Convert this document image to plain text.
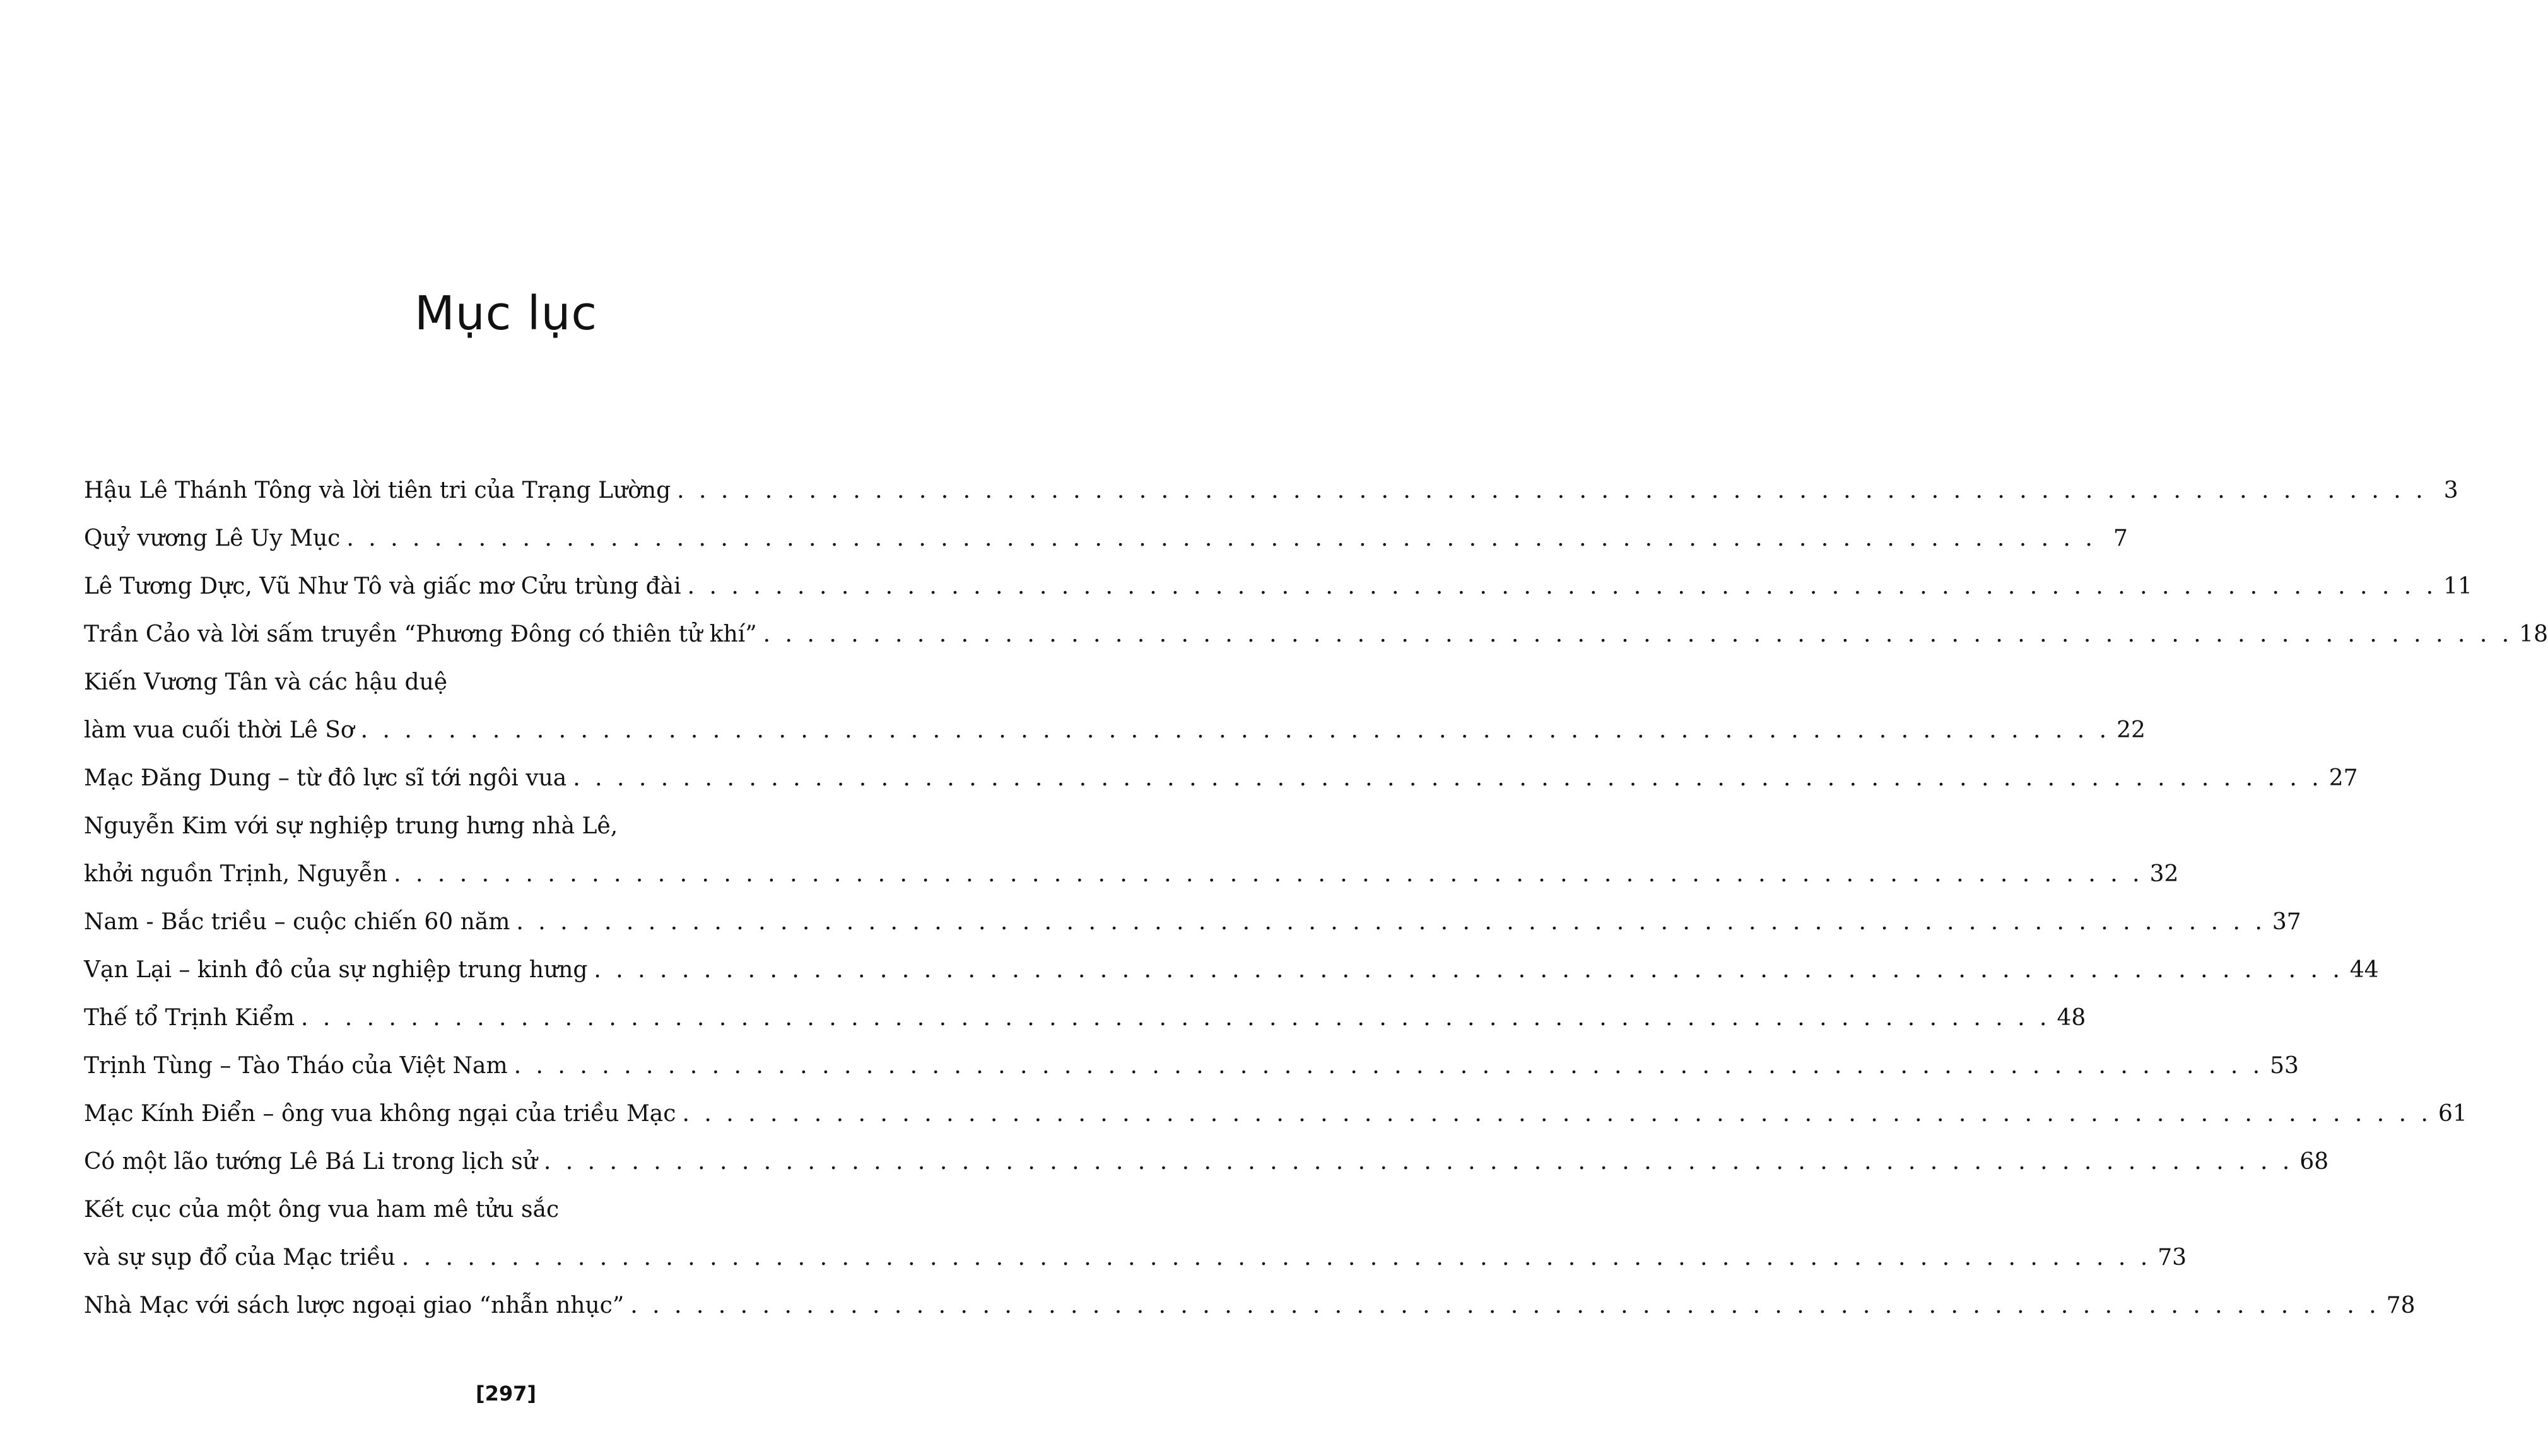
Mục lục
Hậu Lê Thánh Tông và lời tiên tri của Trạng Lường . . . . . . . . . . . . . . . . . . . . . . . . . . . . . . . . . . . . . . . . . . . . . . . . . . . . . . . . . . . . . . . . . . . . . . . . . . . . . . . . 3
Quỷ vương Lê Uy Mục . . . . . . . . . . . . . . . . . . . . . . . . . . . . . . . . . . . . . . . . . . . . . . . . . . . . . . . . . . . . . . . . . . . . . . . . . . . . . . . . 7
Lê Tương Dực, Vũ Như Tô và giấc mơ Cửu trùng đài . . . . . . . . . . . . . . . . . . . . . . . . . . . . . . . . . . . . . . . . . . . . . . . . . . . . . . . . . . . . . . . . . . . . . . . . . . . . . . . . 11
Trần Cảo và lời sấm truyền “Phương Đông có thiên tử khí” . . . . . . . . . . . . . . . . . . . . . . . . . . . . . . . . . . . . . . . . . . . . . . . . . . . . . . . . . . . . . . . . . . . . . . . . . . . . . . . . 18
Kiến Vương Tân và các hậu duệ
làm vua cuối thời Lê Sơ . . . . . . . . . . . . . . . . . . . . . . . . . . . . . . . . . . . . . . . . . . . . . . . . . . . . . . . . . . . . . . . . . . . . . . . . . . . . . . . . 22
Mạc Đăng Dung – từ đô lực sĩ tới ngôi vua . . . . . . . . . . . . . . . . . . . . . . . . . . . . . . . . . . . . . . . . . . . . . . . . . . . . . . . . . . . . . . . . . . . . . . . . . . . . . . . . 27
Nguyễn Kim với sự nghiệp trung hưng nhà Lê,
khởi nguồn Trịnh, Nguyễn . . . . . . . . . . . . . . . . . . . . . . . . . . . . . . . . . . . . . . . . . . . . . . . . . . . . . . . . . . . . . . . . . . . . . . . . . . . . . . . . 32
Nam - Bắc triều – cuộc chiến 60 năm . . . . . . . . . . . . . . . . . . . . . . . . . . . . . . . . . . . . . . . . . . . . . . . . . . . . . . . . . . . . . . . . . . . . . . . . . . . . . . . . 37
Vạn Lại – kinh đô của sự nghiệp trung hưng . . . . . . . . . . . . . . . . . . . . . . . . . . . . . . . . . . . . . . . . . . . . . . . . . . . . . . . . . . . . . . . . . . . . . . . . . . . . . . . . 44
Thế tổ Trịnh Kiểm . . . . . . . . . . . . . . . . . . . . . . . . . . . . . . . . . . . . . . . . . . . . . . . . . . . . . . . . . . . . . . . . . . . . . . . . . . . . . . . . 48
Trịnh Tùng – Tào Tháo của Việt Nam . . . . . . . . . . . . . . . . . . . . . . . . . . . . . . . . . . . . . . . . . . . . . . . . . . . . . . . . . . . . . . . . . . . . . . . . . . . . . . . . 53
Mạc Kính Điển – ông vua không ngại của triều Mạc . . . . . . . . . . . . . . . . . . . . . . . . . . . . . . . . . . . . . . . . . . . . . . . . . . . . . . . . . . . . . . . . . . . . . . . . . . . . . . . . 61
Có một lão tướng Lê Bá Li trong lịch sử . . . . . . . . . . . . . . . . . . . . . . . . . . . . . . . . . . . . . . . . . . . . . . . . . . . . . . . . . . . . . . . . . . . . . . . . . . . . . . . . 68
Kết cục của một ông vua ham mê tửu sắc
và sự sụp đổ của Mạc triều . . . . . . . . . . . . . . . . . . . . . . . . . . . . . . . . . . . . . . . . . . . . . . . . . . . . . . . . . . . . . . . . . . . . . . . . . . . . . . . . 73
Nhà Mạc với sách lược ngoại giao “nhẫn nhục” . . . . . . . . . . . . . . . . . . . . . . . . . . . . . . . . . . . . . . . . . . . . . . . . . . . . . . . . . . . . . . . . . . . . . . . . . . . . . . . . 78
[297]
